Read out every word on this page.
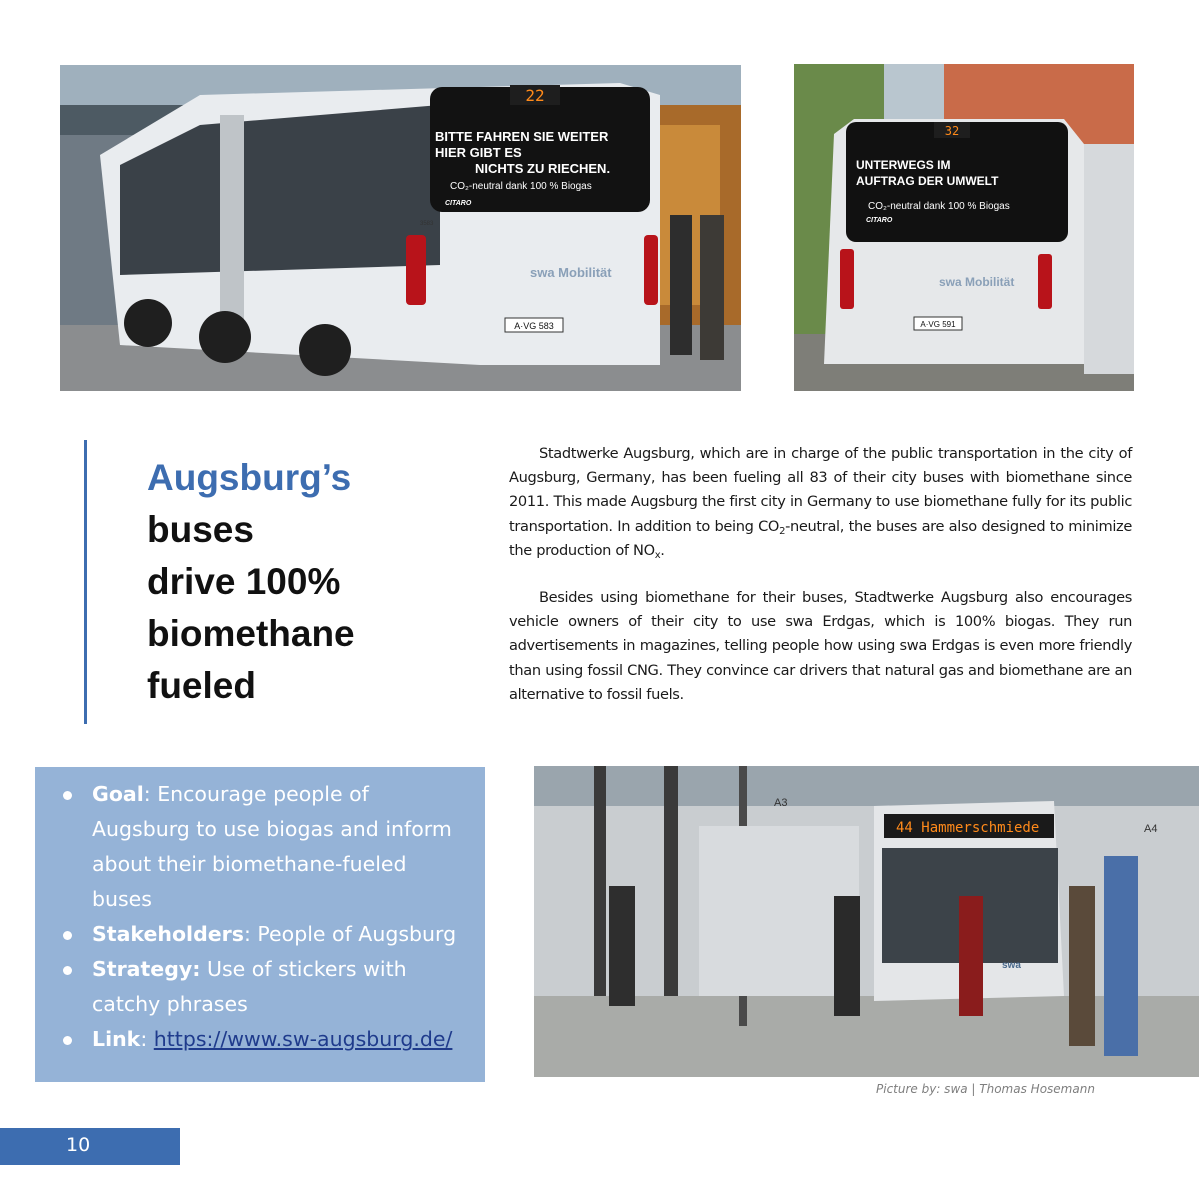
22
BITTE FAHREN SIE WEITER
HIER GIBT ES
NICHTS ZU RIECHEN.
CO₂-neutral dank 100 % Biogas
CITARO
swa Mobilität
3583
A·VG 583
32
UNTERWEGS IM
AUFTRAG DER UMWELT
CO₂-neutral dank 100 % Biogas
CITARO
swa Mobilität
A·VG 591
Augsburg’s
buses
drive 100%
biomethane
fueled

Stadtwerke Augsburg, which are in charge of the public transportation in the city of Augsburg, Germany, has been fueling all 83 of their city buses with biomethane since 2011. This made Augsburg the first city in Germany to use biomethane fully for its public transportation. In addition to being $CO_2$-neutral, the buses are also designed to minimize the production of $NO_x$.

Besides using biomethane for their buses, Stadtwerke Augsburg also encourages vehicle owners of their city to use swa Erdgas, which is 100% biogas. They run advertisements in magazines, telling people how using swa Erdgas is even more friendly than using fossil CNG. They convince car drivers that natural gas and biomethane are an alternative to fossil fuels.

Goal: Encourage people of Augsburg to use biogas and inform about their biomethane-fueled buses
Stakeholders: People of Augsburg
Strategy: Use of stickers with catchy phrases
Link: https://www.sw-augsburg.de/
A3
A4
44 Hammerschmiede
swa
Picture by: swa | Thomas Hosemann
10
